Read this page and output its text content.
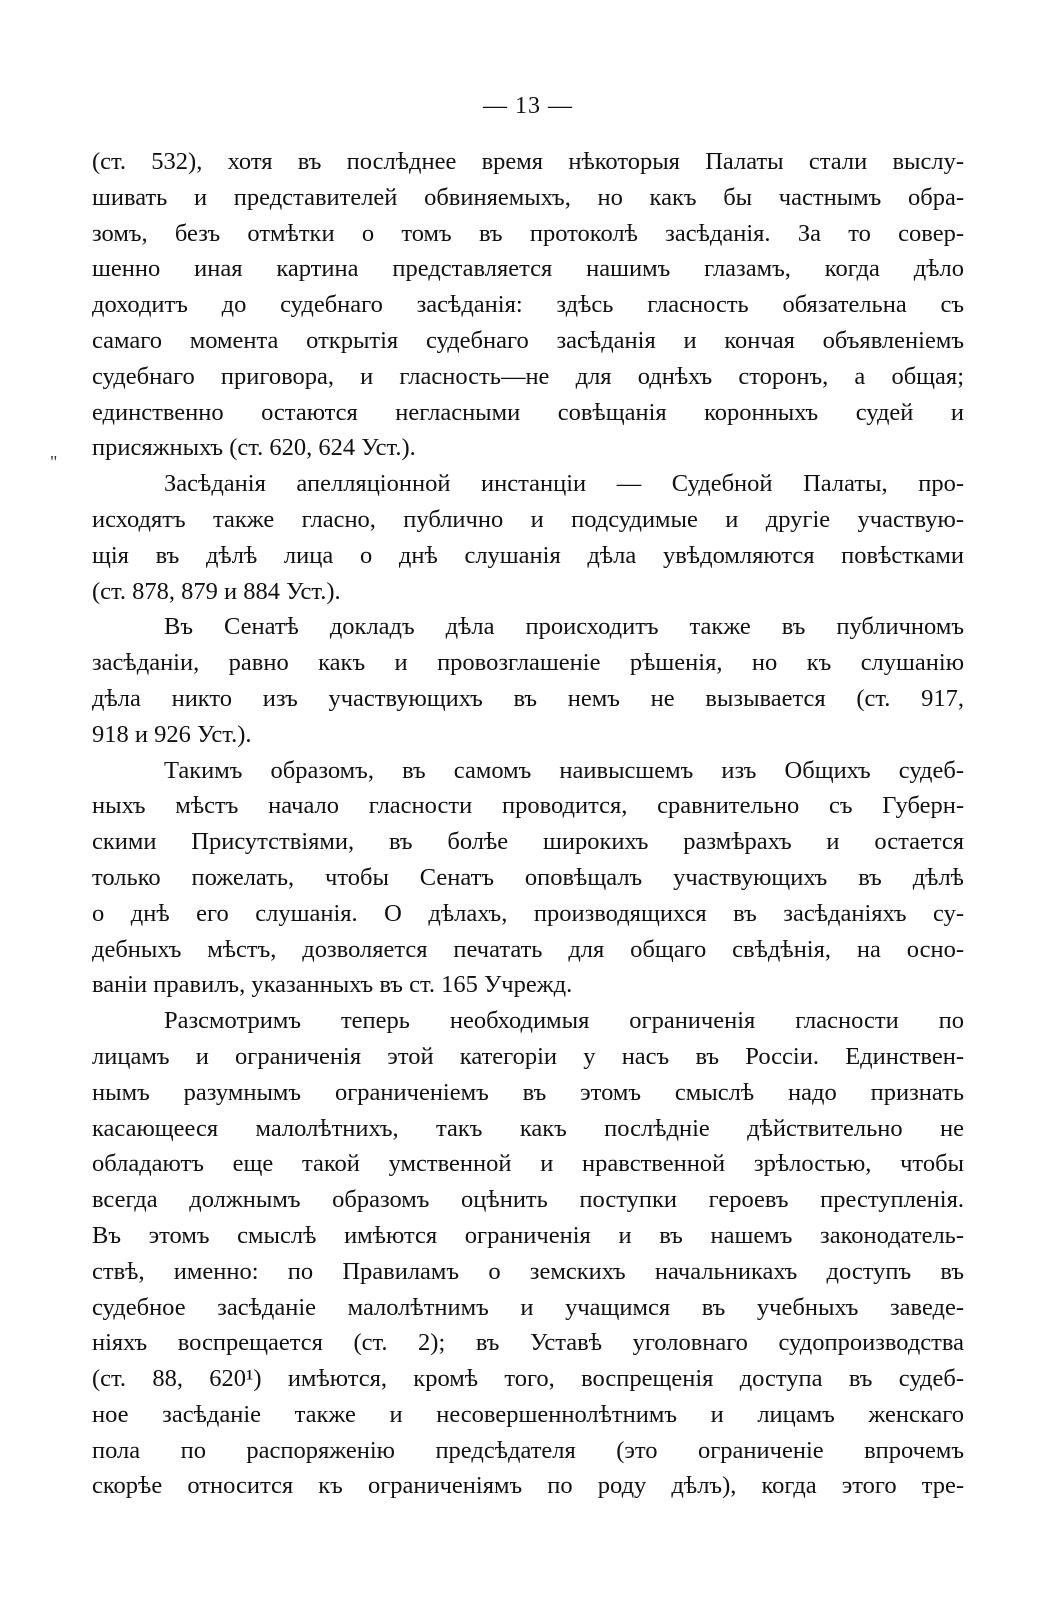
— 13 —
"
(ст. 532), хотя въ послѣднее время нѣкоторыя Палаты стали выслу-
шивать и представителей обвиняемыхъ, но какъ бы частнымъ обра-
зомъ, безъ отмѣтки о томъ въ протоколѣ засѣданія. За то совер-
шенно иная картина представляется нашимъ глазамъ, когда дѣло
доходитъ до судебнаго засѣданія: здѣсь гласность обязательна съ
самаго момента открытія судебнаго засѣданія и кончая объявленіемъ
судебнаго приговора, и гласность—не для однѣхъ сторонъ, а общая;
единственно остаются негласными совѣщанія коронныхъ судей и
присяжныхъ (ст. 620, 624 Уст.).
Засѣданія апелляціонной инстанціи — Судебной Палаты, про-
исходятъ также гласно, публично и подсудимые и другіе участвую-
щія въ дѣлѣ лица о днѣ слушанія дѣла увѣдомляются повѣстками
(ст. 878, 879 и 884 Уст.).
Въ Сенатѣ докладъ дѣла происходитъ также въ публичномъ
засѣданіи, равно какъ и провозглашеніе рѣшенія, но къ слушанію
дѣла никто изъ участвующихъ въ немъ не вызывается (ст. 917,
918 и 926 Уст.).
Такимъ образомъ, въ самомъ наивысшемъ изъ Общихъ судеб-
ныхъ мѣстъ начало гласности проводится, сравнительно съ Губерн-
скими Присутствіями, въ болѣе широкихъ размѣрахъ и остается
только пожелать, чтобы Сенатъ оповѣщалъ участвующихъ въ дѣлѣ
о днѣ его слушанія. О дѣлахъ, производящихся въ засѣданіяхъ су-
дебныхъ мѣстъ, дозволяется печатать для общаго свѣдѣнія, на осно-
ваніи правилъ, указанныхъ въ ст. 165 Учрежд.
Разсмотримъ теперь необходимыя ограниченія гласности по
лицамъ и ограниченія этой категоріи у насъ въ Россіи. Единствен-
нымъ разумнымъ ограниченіемъ въ этомъ смыслѣ надо признать
касающееся малолѣтнихъ, такъ какъ послѣдніе дѣйствительно не
обладаютъ еще такой умственной и нравственной зрѣлостью, чтобы
всегда должнымъ образомъ оцѣнить поступки героевъ преступленія.
Въ этомъ смыслѣ имѣются ограниченія и въ нашемъ законодатель-
ствѣ, именно: по Правиламъ о земскихъ начальникахъ доступъ въ
судебное засѣданіе малолѣтнимъ и учащимся въ учебныхъ заведе-
ніяхъ воспрещается (ст. 2); въ Уставѣ уголовнаго судопроизводства
(ст. 88, 620¹) имѣются, кромѣ того, воспрещенія доступа въ судеб-
ное засѣданіе также и несовершеннолѣтнимъ и лицамъ женскаго
пола по распоряженію предсѣдателя (это ограниченіе впрочемъ
скорѣе относится къ ограниченіямъ по роду дѣлъ), когда этого тре-
